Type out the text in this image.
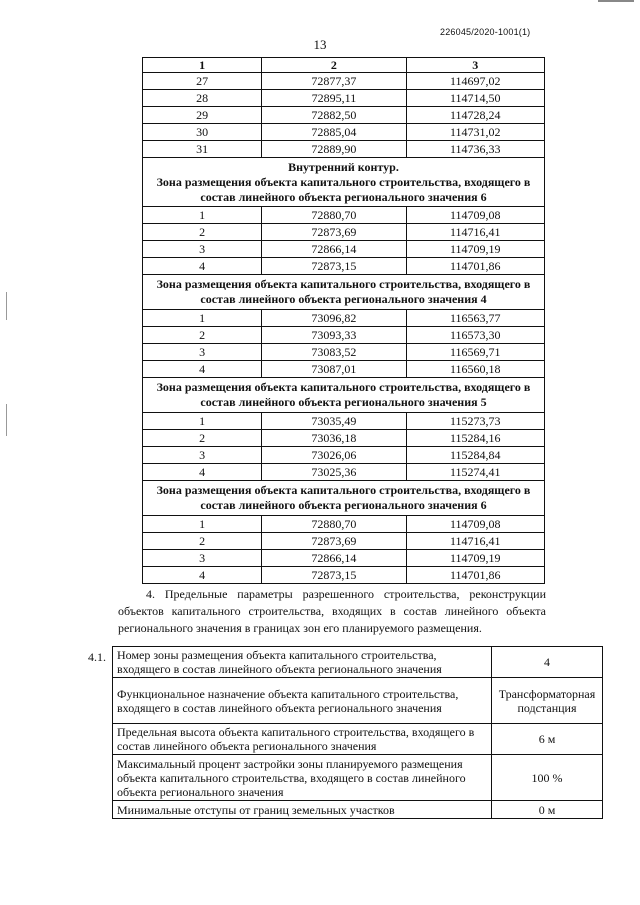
226045/2020-1001(1)
13
1	2	3
27	72877,37	114697,02
28	72895,11	114714,50
29	72882,50	114728,24
30	72885,04	114731,02
31	72889,90	114736,33

Внутренний контур.
Зона размещения объекта капитального строительства, входящего в состав линейного объекта регионального значения 6		

1	72880,70	114709,08
2	72873,69	114716,41
3	72866,14	114709,19
4	72873,15	114701,86

Зона размещения объекта капитального строительства, входящего в состав линейного объекта регионального значения 4		

1	73096,82	116563,77
2	73093,33	116573,30
3	73083,52	116569,71
4	73087,01	116560,18

Зона размещения объекта капитального строительства, входящего в состав линейного объекта регионального значения 5		

1	73035,49	115273,73
2	73036,18	115284,16
3	73026,06	115284,84
4	73025,36	115274,41

Зона размещения объекта капитального строительства, входящего в состав линейного объекта регионального значения 6		

1	72880,70	114709,08
2	72873,69	114716,41
3	72866,14	114709,19
4	72873,15	114701,86

4. Предельные параметры разрешенного строительства, реконструкции объектов капитального строительства, входящих в состав линейного объекта регионального значения в границах зон его планируемого размещения.

4.1. Номер зоны размещения объекта капитального строительства, входящего в состав линейного объекта регионального значения	4
Функциональное назначение объекта капитального строительства, входящего в состав линейного объекта регионального значения	Трансформаторная подстанция
Предельная высота объекта капитального строительства, входящего в состав линейного объекта регионального значения	6 м
Максимальный процент застройки зоны планируемого размещения объекта капитального строительства, входящего в состав линейного объекта регионального значения	100 %
Минимальные отступы от границ земельных участков	0 м
